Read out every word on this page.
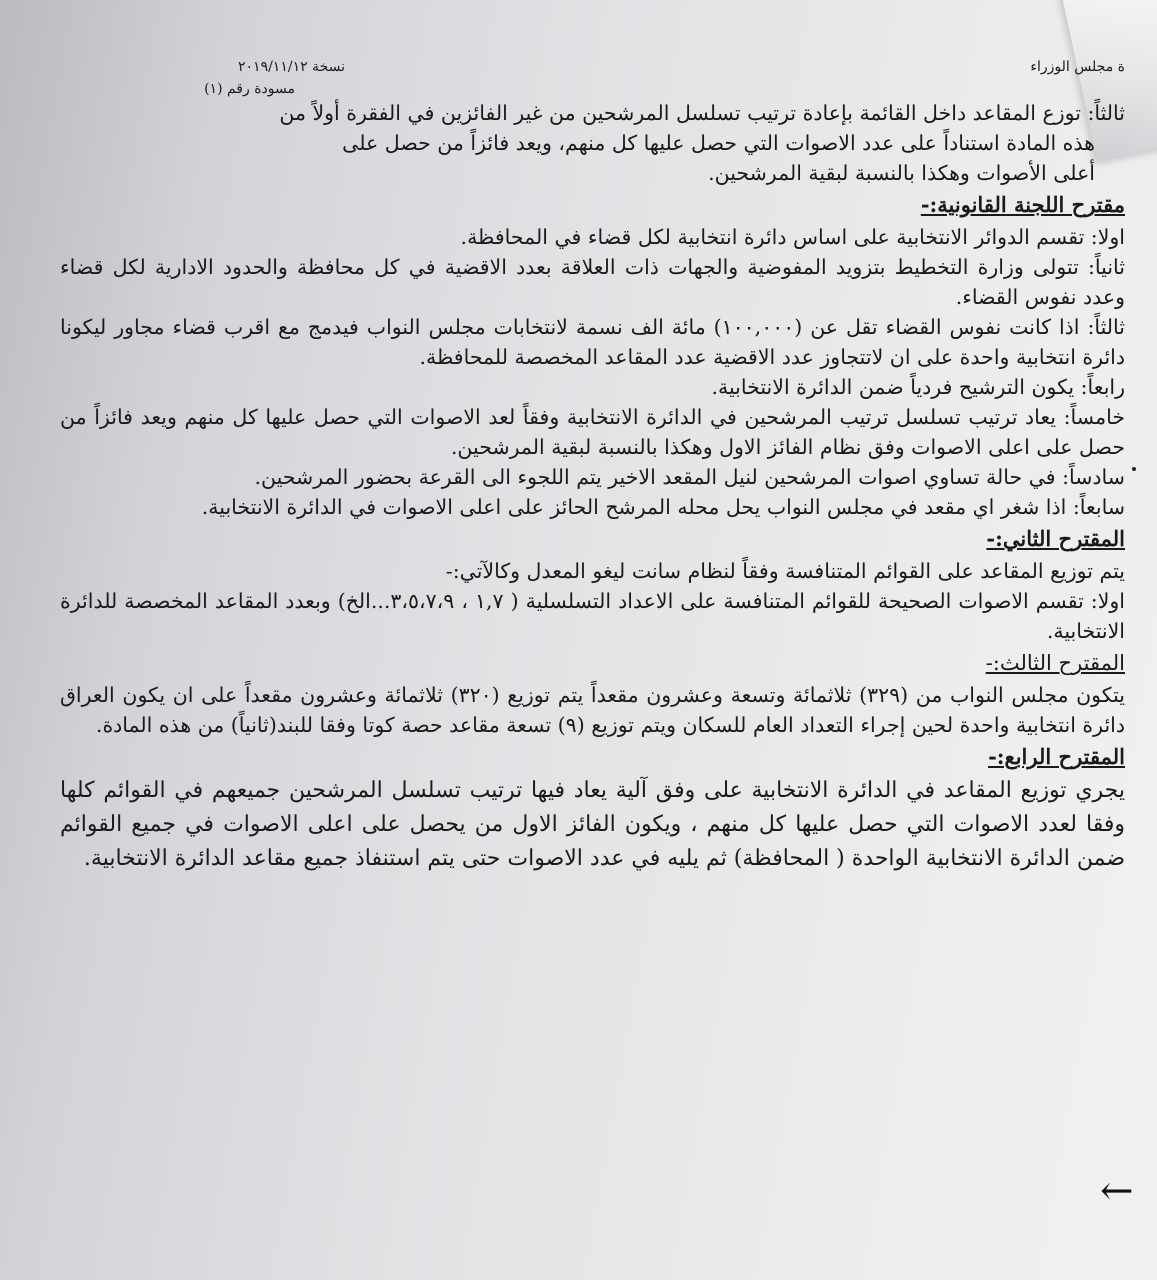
ة مجلس الوزراء
نسخة ٢٠١٩/١١/١٢
مسودة رقم (١)

ثالثاً: توزع المقاعد داخل القائمة بإعادة ترتيب تسلسل المرشحين من غير الفائزين في الفقرة أولاً من

هذه المادة استناداً على عدد الاصوات التي حصل عليها كل منهم، ويعد فائزاً من حصل على

أعلى الأصوات وهكذا بالنسبة لبقية المرشحين.

مقترح اللجنة القانونية:-

اولا: تقسم الدوائر الانتخابية على اساس دائرة انتخابية لكل قضاء في المحافظة.

ثانياً: تتولى وزارة التخطيط بتزويد المفوضية والجهات ذات العلاقة بعدد الاقضية في كل محافظة والحدود الادارية لكل قضاء وعدد نفوس القضاء.

ثالثاً: اذا كانت نفوس القضاء تقل عن (١٠٠,٠٠٠) مائة الف نسمة لانتخابات مجلس النواب فيدمج مع اقرب قضاء مجاور ليكونا دائرة انتخابية واحدة على ان لاتتجاوز عدد الاقضية عدد المقاعد المخصصة للمحافظة.

رابعاً: يكون الترشيح فردياً ضمن الدائرة الانتخابية.

خامساً: يعاد ترتيب تسلسل ترتيب المرشحين في الدائرة الانتخابية وفقاً لعد الاصوات التي حصل عليها كل منهم ويعد فائزاً من حصل على اعلى الاصوات وفق نظام الفائز الاول وهكذا بالنسبة لبقية المرشحين.

سادساً: في حالة تساوي اصوات المرشحين لنيل المقعد الاخير يتم اللجوء الى القرعة بحضور المرشحين.

سابعاً: اذا شغر اي مقعد في مجلس النواب يحل محله المرشح الحائز على اعلى الاصوات في الدائرة الانتخابية.

المقترح الثاني:-

يتم توزيع المقاعد على القوائم المتنافسة وفقاً لنظام سانت ليغو المعدل وكالآتي:-

اولا: تقسم الاصوات الصحيحة للقوائم المتنافسة على الاعداد التسلسلية ( ١,٧ ، ٣،٥،٧،٩...الخ) وبعدد المقاعد المخصصة للدائرة الانتخابية.

المقترح الثالث:-

يتكون مجلس النواب من (٣٢٩) ثلاثمائة وتسعة وعشرون مقعداً يتم توزيع (٣٢٠) ثلاثمائة وعشرون مقعداً على ان يكون العراق دائرة انتخابية واحدة لحين إجراء التعداد العام للسكان ويتم توزيع (٩) تسعة مقاعد حصة كوتا وفقا للبند(ثانياً) من هذه المادة.

المقترح الرابع:-

يجري توزيع المقاعد في الدائرة الانتخابية على وفق آلية يعاد فيها ترتيب تسلسل المرشحين جميعهم في القوائم كلها وفقا لعدد الاصوات التي حصل عليها كل منهم ، ويكون الفائز الاول من يحصل على اعلى الاصوات في جميع القوائم ضمن الدائرة الانتخابية الواحدة ( المحافظة) ثم يليه في عدد الاصوات حتى يتم استنفاذ جميع مقاعد الدائرة الانتخابية.

←
